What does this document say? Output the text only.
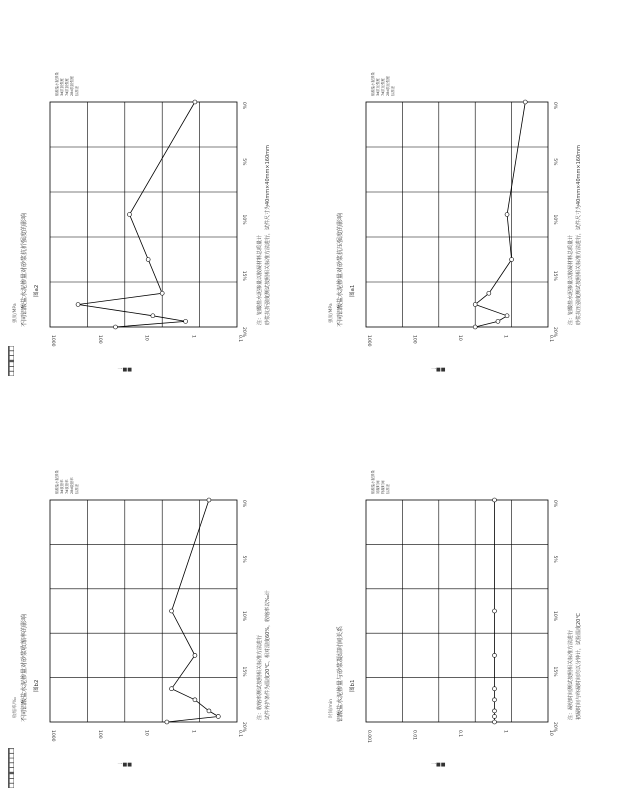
■■■ ■■■■■■■■
■■■ ■■■■■■■■
1000	100	10	1	0.1
0%
5%
10%
15%
20%
一■■
不同铝酸盐水泥掺量对砂浆抗压强度的影响	图a1
强度/MPa	注：铝酸盐水泥掺量以胶凝材料总质量计 砂浆抗压强度测试按照相关标准方法进行，试件尺寸为40mm×40mm×160mm
铝酸盐水泥掺量 3d抗压强度 7d抗压强度 28d抗压强度 标准差
1000	100	10	1	0.1
0%
5%
10%
15%
20%
一■■
不同铝酸盐水泥掺量对砂浆抗折强度的影响	图a2
强度/MPa	注：铝酸盐水泥掺量以胶凝材料总质量计 砂浆抗折强度测试按照相关标准方法进行，试件尺寸为40mm×40mm×160mm
铝酸盐水泥掺量 3d抗折强度 7d抗折强度 28d抗折强度 标准差
0.001	0.01	0.1	1	10
0%
5%
10%
15%
20%
一■■
铝酸盐水泥掺量与砂浆凝结时间关系	图b1
时间/min	注：凝结时间测试按照相关标准方法进行 初凝时间与终凝时间均以分钟计，试验温度20℃
铝酸盐水泥掺量 初凝时间 终凝时间 标准差
1000	100	10	1	0.1
0%
5%
10%
15%
20%
一■■
不同铝酸盐水泥掺量对砂浆收缩率的影响	图b2
收缩率/‰	注：收缩率测试按照相关标准方法进行 试件养护条件为温度20℃、相对湿度60%，收缩率以‰计
铝酸盐水泥掺量 3d收缩率 7d收缩率 28d收缩率 标准差
